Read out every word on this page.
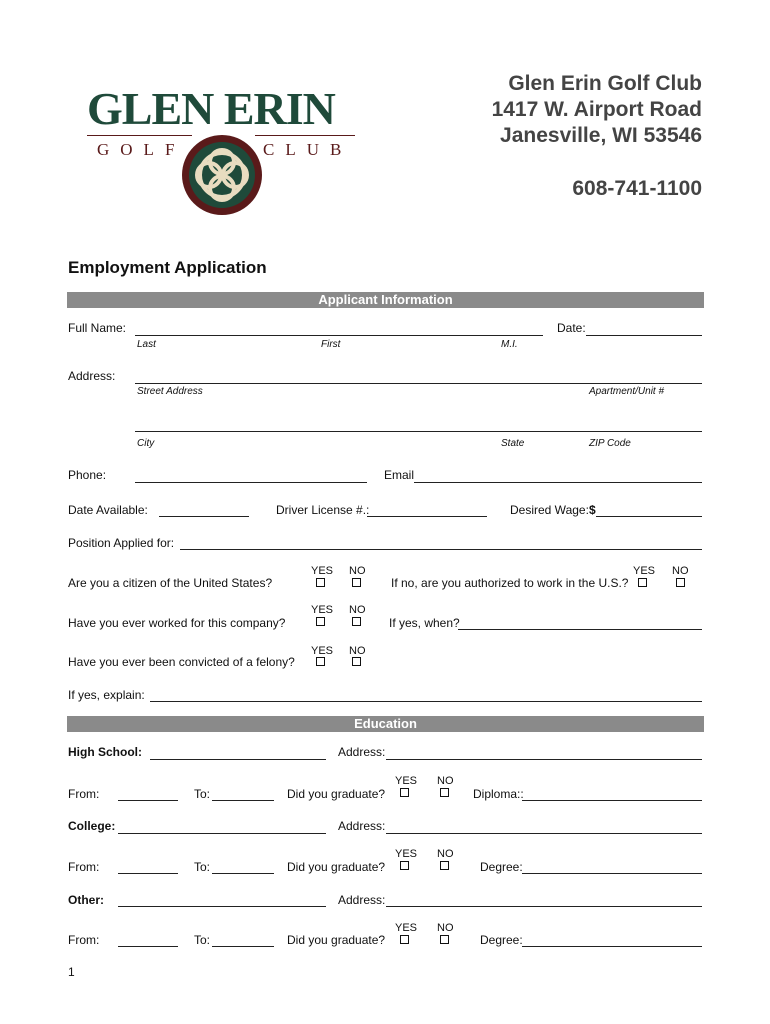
GLEN ERIN
GOLF	CLUB
Glen Erin Golf Club
1417 W. Airport Road
Janesville, WI 53546
608-741-1100
Employment Application
Applicant Information
Full Name:	Date:
Last	First	M.I.
Address:
Street Address	Apartment/Unit #
City	State	ZIP Code
Phone:	Email
Date Available:	Driver License #.:	Desired Wage: $
Position Applied for:
YES NO
Are you a citizen of the United States?
YES NO
If no, are you authorized to work in the U.S.?
YES NO
Have you ever worked for this company?	If yes, when?
YES NO
Have you ever been convicted of a felony?
If yes, explain:
Education
High School:	Address:
YES NO
From:	To:	Did you graduate?	Diploma::
College:	Address:
YES NO
From:	To:	Did you graduate?	Degree:
Other:	Address:
YES NO
From:	To:	Did you graduate?	Degree:
1
